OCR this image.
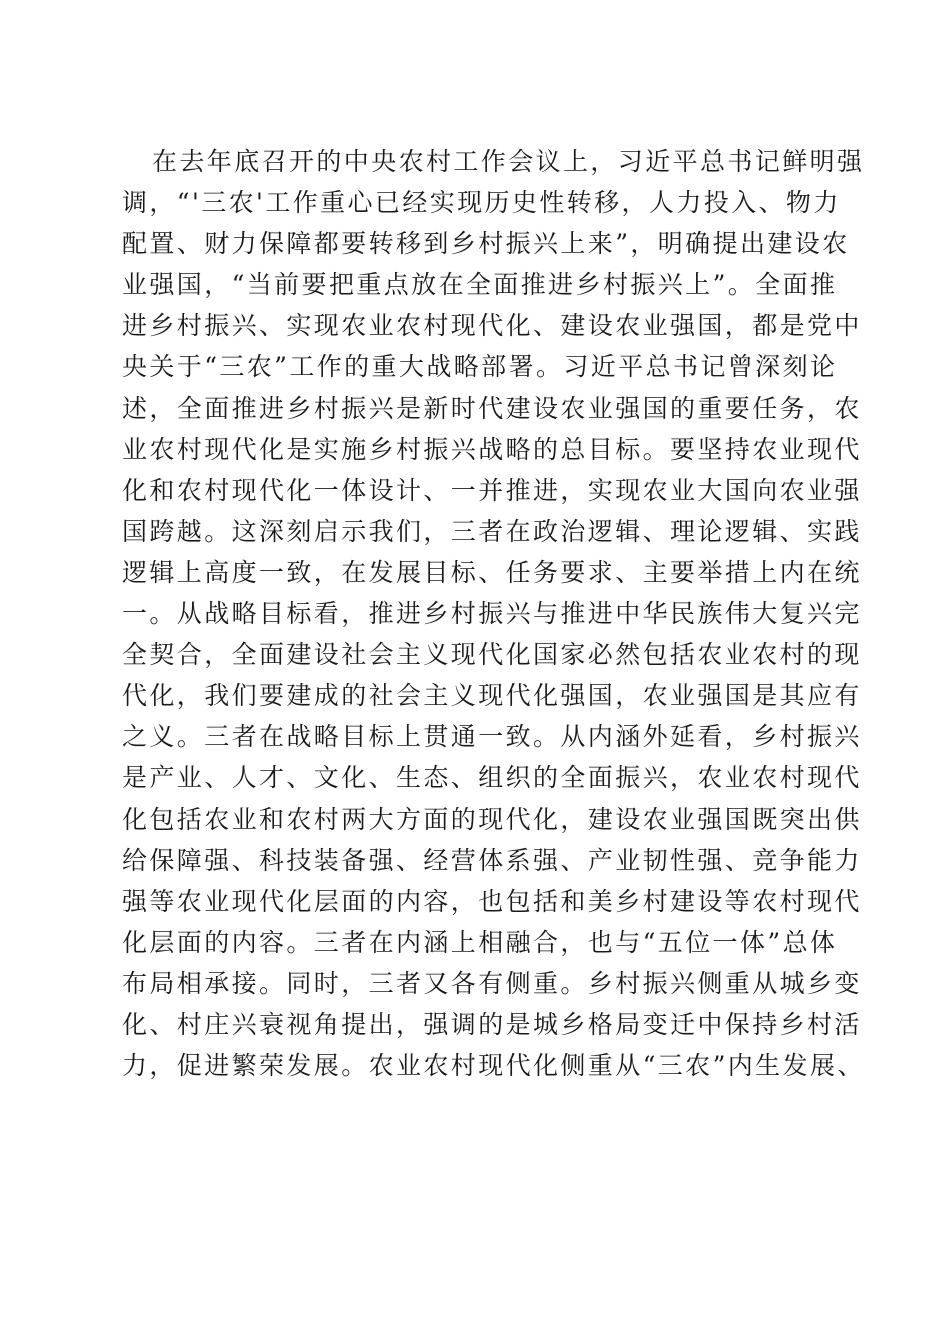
在去年底召开的中央农村工作会议上，习近平总书记鲜明强
调，“'三农'工作重心已经实现历史性转移，人力投入、物力
配置、财力保障都要转移到乡村振兴上来”，明确提出建设农
业强国，“当前要把重点放在全面推进乡村振兴上”。全面推
进乡村振兴、实现农业农村现代化、建设农业强国，都是党中
央关于“三农”工作的重大战略部署。习近平总书记曾深刻论
述，全面推进乡村振兴是新时代建设农业强国的重要任务，农
业农村现代化是实施乡村振兴战略的总目标。要坚持农业现代
化和农村现代化一体设计、一并推进，实现农业大国向农业强
国跨越。这深刻启示我们，三者在政治逻辑、理论逻辑、实践
逻辑上高度一致，在发展目标、任务要求、主要举措上内在统
一。从战略目标看，推进乡村振兴与推进中华民族伟大复兴完
全契合，全面建设社会主义现代化国家必然包括农业农村的现
代化，我们要建成的社会主义现代化强国，农业强国是其应有
之义。三者在战略目标上贯通一致。从内涵外延看，乡村振兴
是产业、人才、文化、生态、组织的全面振兴，农业农村现代
化包括农业和农村两大方面的现代化，建设农业强国既突出供
给保障强、科技装备强、经营体系强、产业韧性强、竞争能力
强等农业现代化层面的内容，也包括和美乡村建设等农村现代
化层面的内容。三者在内涵上相融合，也与“五位一体”总体
布局相承接。同时，三者又各有侧重。乡村振兴侧重从城乡变
化、村庄兴衰视角提出，强调的是城乡格局变迁中保持乡村活
力，促进繁荣发展。农业农村现代化侧重从“三农”内生发展、
